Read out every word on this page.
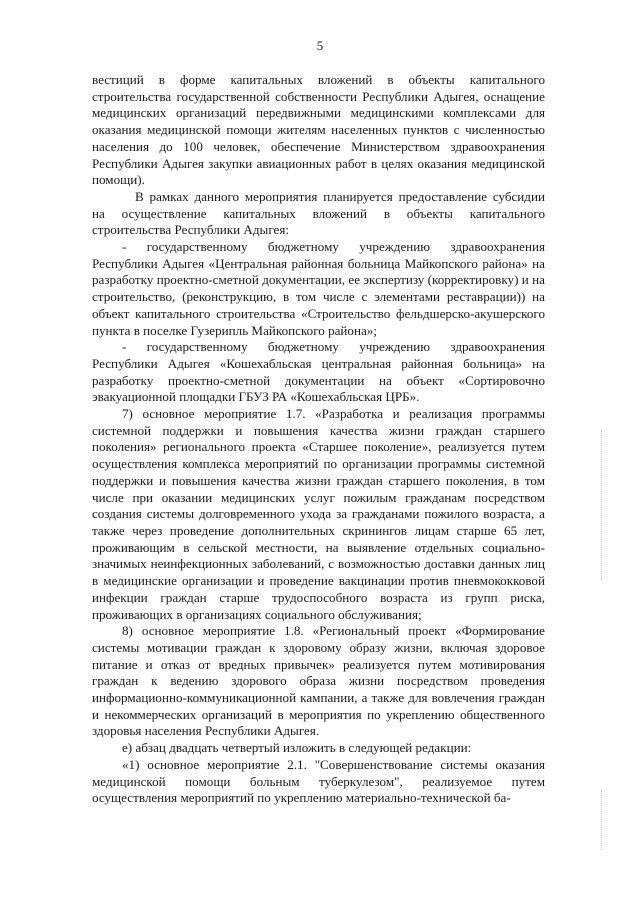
5

вестиций в форме капитальных вложений в объекты капитального строительства государственной собственности Республики Адыгея, оснащение медицинских организаций передвижными медицинскими комплексами для оказания медицинской помощи жителям населенных пунктов с численностью населения до 100 человек, обеспечение Министерством здравоохранения Республики Адыгея закупки авиационных работ в целях оказания медицинской помощи).

В рамках данного мероприятия планируется предоставление субсидии на осуществление капитальных вложений в объекты капитального строительства Республики Адыгея:

- государственному бюджетному учреждению здравоохранения Республики Адыгея «Центральная районная больница Майкопского района» на разработку проектно-сметной документации, ее экспертизу (корректировку) и на строительство, (реконструкцию, в том числе с элементами реставрации)) на объект капитального строительства «Строительство фельдшерско-акушерского пункта в поселке Гузерипль Майкопского района»;

- государственному бюджетному учреждению здравоохранения Республики Адыгея «Кошехабльская центральная районная больница» на разработку проектно-сметной документации на объект «Сортировочно эвакуационной площадки ГБУЗ РА «Кошехабльская ЦРБ».

7) основное мероприятие 1.7. «Разработка и реализация программы системной поддержки и повышения качества жизни граждан старшего поколения» регионального проекта «Старшее поколение», реализуется путем осуществления комплекса мероприятий по организации программы системной поддержки и повышения качества жизни граждан старшего поколения, в том числе при оказании медицинских услуг пожилым гражданам посредством создания системы долговременного ухода за гражданами пожилого возраста, а также через проведение дополнительных скринингов лицам старше 65 лет, проживающим в сельской местности, на выявление отдельных социально-значимых неинфекционных заболеваний, с возможностью доставки данных лиц в медицинские организации и проведение вакцинации против пневмококковой инфекции граждан старше трудоспособного возраста из групп риска, проживающих в организациях социального обслуживания;

8) основное мероприятие 1.8. «Региональный проект «Формирование системы мотивации граждан к здоровому образу жизни, включая здоровое питание и отказ от вредных привычек» реализуется путем мотивирования граждан к ведению здорового образа жизни посредством проведения информационно-коммуникационной кампании, а также для вовлечения граждан и некоммерческих организаций в мероприятия по укреплению общественного здоровья населения Республики Адыгея.

е) абзац двадцать четвертый изложить в следующей редакции:

«1) основное мероприятие 2.1. "Совершенствование системы оказания медицинской помощи больным туберкулезом", реализуемое путем осуществления мероприятий по укреплению материально-технической ба-
